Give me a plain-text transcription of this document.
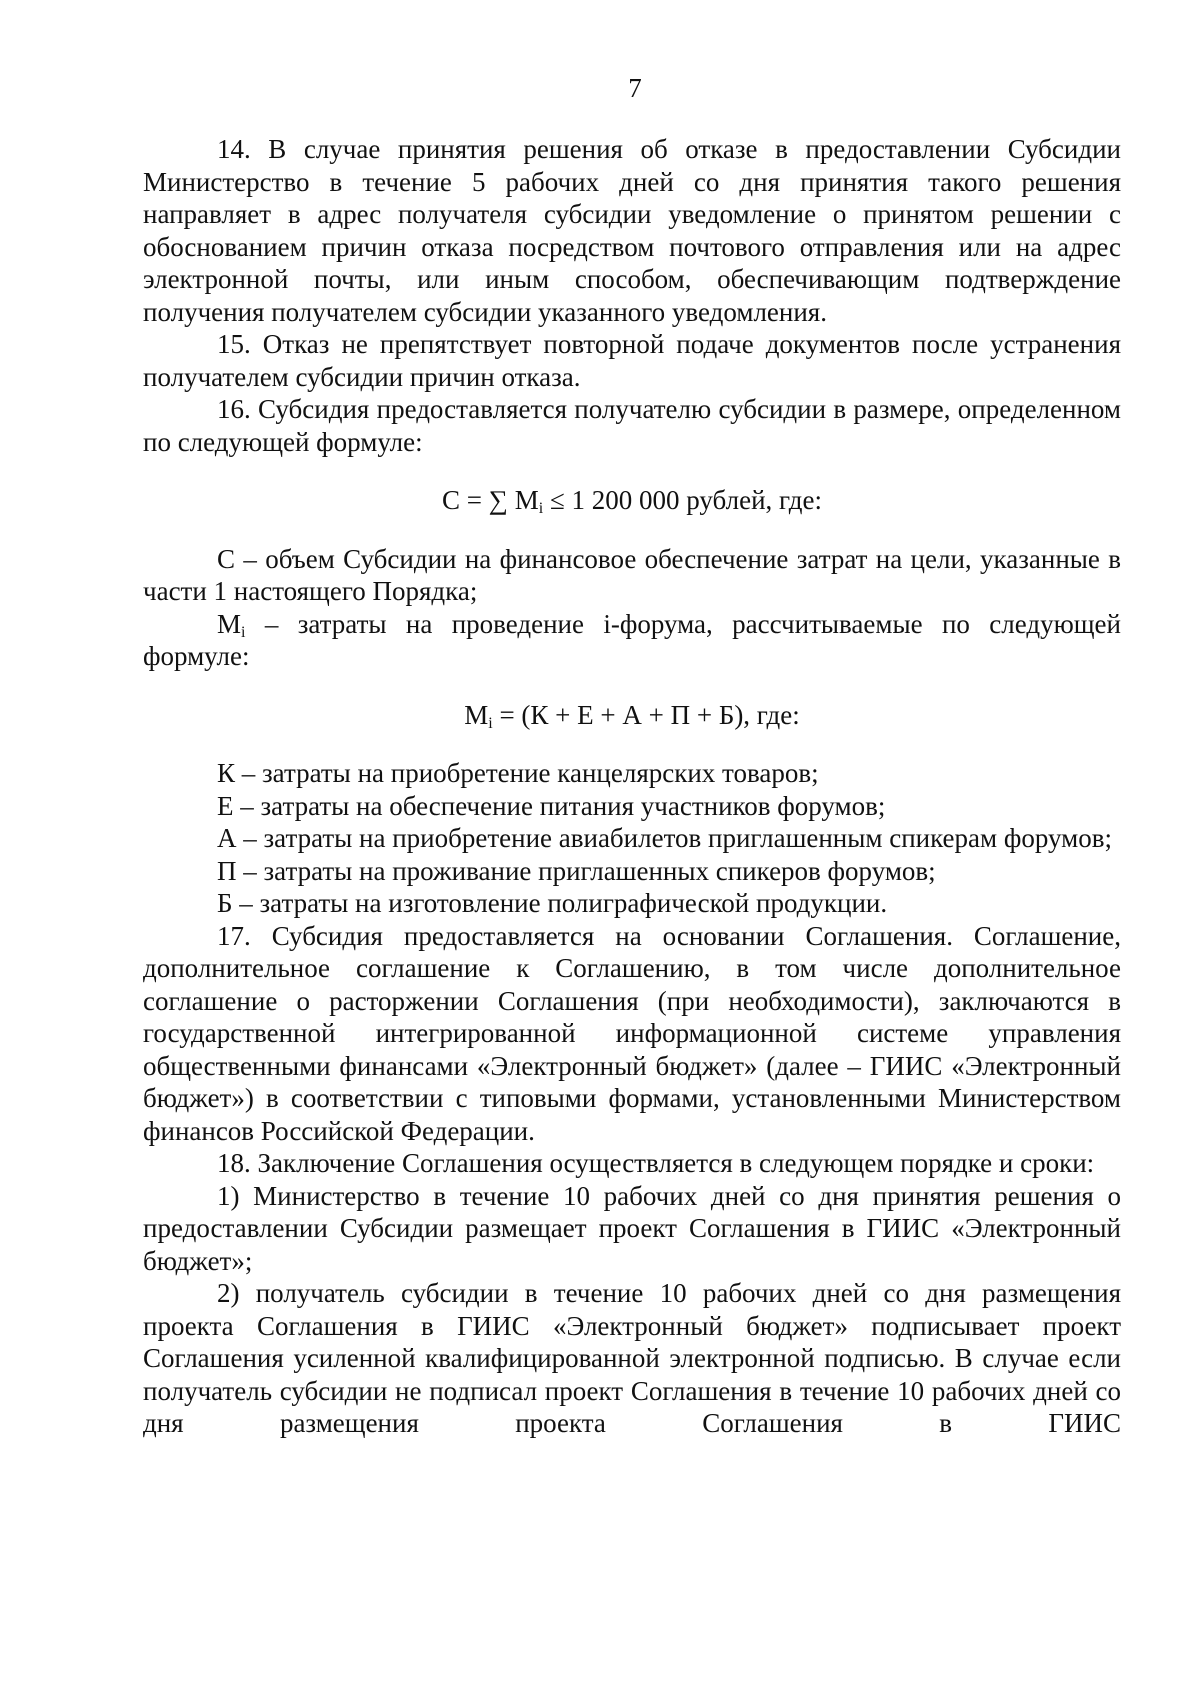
7

14. В случае принятия решения об отказе в предоставлении Субсидии Министерство в течение 5 рабочих дней со дня принятия такого решения направляет в адрес получателя субсидии уведомление о принятом решении с обоснованием причин отказа посредством почтового отправления или на адрес электронной почты, или иным способом, обеспечивающим подтверждение получения получателем субсидии указанного уведомления.

15. Отказ не препятствует повторной подаче документов после устранения получателем субсидии причин отказа.

16. Субсидия предоставляется получателю субсидии в размере, определенном по следующей формуле:

С = ∑ $М_i \le 1$ 200 000 рублей, где:

С – объем Субсидии на финансовое обеспечение затрат на цели, указанные в части 1 настоящего Порядка;

Мi – затраты на проведение i-форума, рассчитываемые по следующей формуле:

$М_i = (К + Е + А + П + Б)$, где:

К – затраты на приобретение канцелярских товаров;

Е – затраты на обеспечение питания участников форумов;

А – затраты на приобретение авиабилетов приглашенным спикерам форумов;

П – затраты на проживание приглашенных спикеров форумов;

Б – затраты на изготовление полиграфической продукции.

17. Субсидия предоставляется на основании Соглашения. Соглашение, дополнительное соглашение к Соглашению, в том числе дополнительное соглашение о расторжении Соглашения (при необходимости), заключаются в государственной интегрированной информационной системе управления общественными финансами «Электронный бюджет» (далее – ГИИС «Электронный бюджет») в соответствии с типовыми формами, установленными Министерством финансов Российской Федерации.

18. Заключение Соглашения осуществляется в следующем порядке и сроки:

1) Министерство в течение 10 рабочих дней со дня принятия решения о предоставлении Субсидии размещает проект Соглашения в ГИИС «Электронный бюджет»;

2) получатель субсидии в течение 10 рабочих дней со дня размещения проекта Соглашения в ГИИС «Электронный бюджет» подписывает проект Соглашения усиленной квалифицированной электронной подписью. В случае если получатель субсидии не подписал проект Соглашения в течение 10 рабочих дней со дня размещения проекта Соглашения в ГИИС
